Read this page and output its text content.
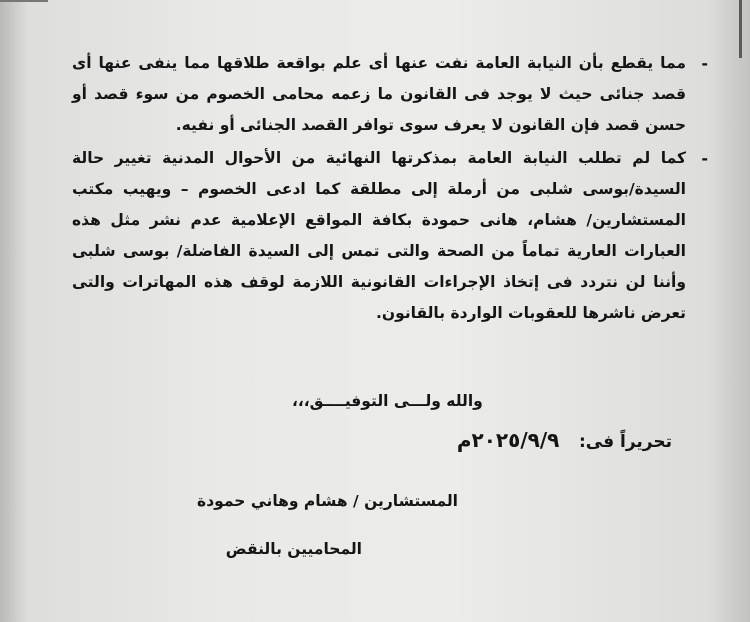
-
مما يقطع بأن النيابة العامة نفت عنها أى علم بواقعة طلاقها مما ينفى عنها أى قصد جنائى حيث لا يوجد فى القانون ما زعمه محامى الخصوم من سوء قصد أو حسن قصد فإن القانون لا يعرف سوى توافر القصد الجنائى أو نفيه.

-
كما لم تطلب النيابة العامة بمذكرتها النهائية من الأحوال المدنية تغيير حالة السيدة/بوسى شلبى من أرملة إلى مطلقة كما ادعى الخصوم – ويهيب مكتب المستشارين/ هشام، هانى حمودة بكافة المواقع الإعلامية عدم نشر مثل هذه العبارات العارية تماماً من الصحة والتى تمس إلى السيدة الفاضلة/ بوسى شلبى وأننا لن نتردد فى إتخاذ الإجراءات القانونية اللازمة لوقف هذه المهاترات والتى تعرض ناشرها للعقوبات الواردة بالقانون.

والله ولـــى التوفيــــق،،،
تحريراً فى: ٢٠٢٥/٩/٩م
المستشارين / هشام وهاني حمودة
المحاميين بالنقض
